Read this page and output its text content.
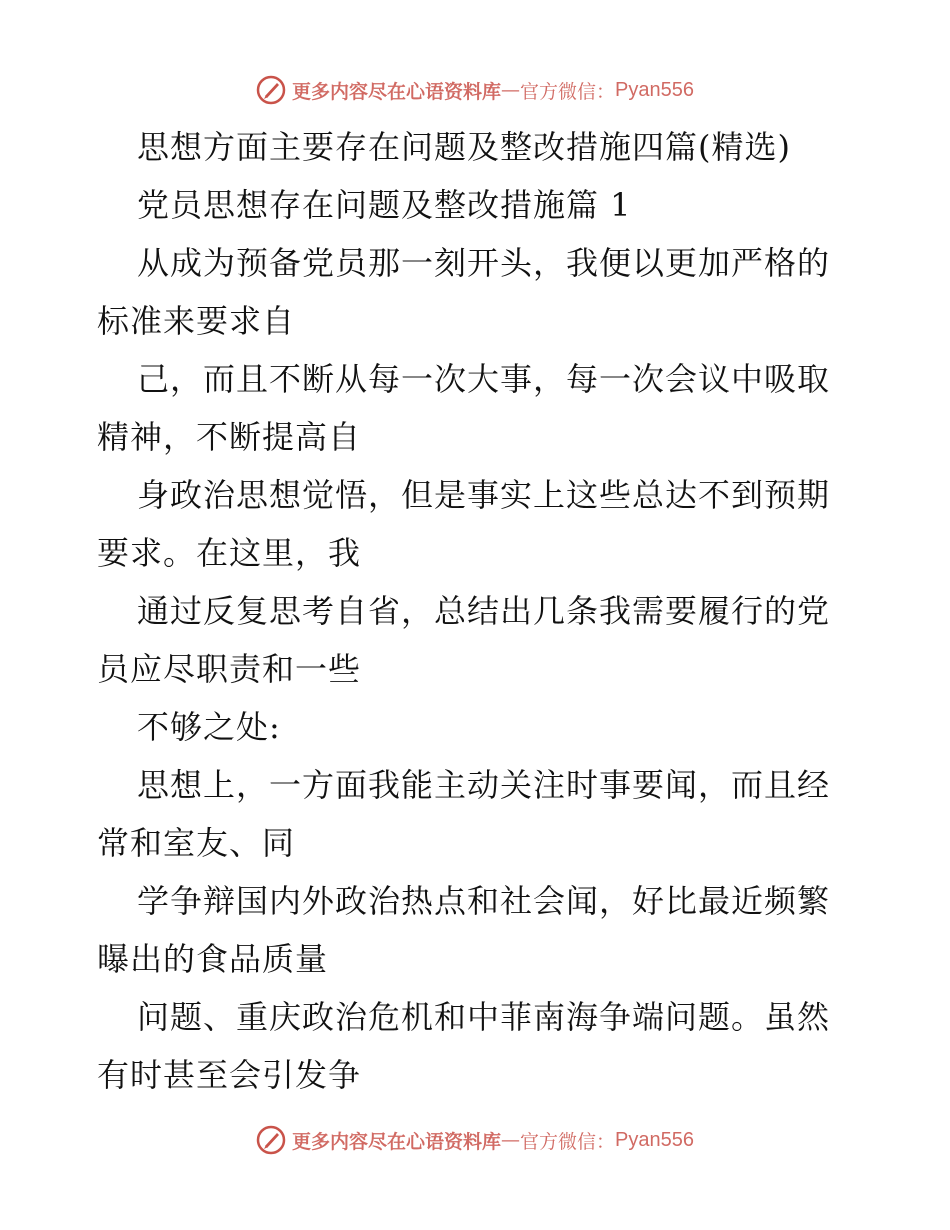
更多内容尽在心语资料库 — 官方微信： Pyan556
思想方面主要存在问题及整改措施四篇(精选)
党员思想存在问题及整改措施篇 1
从成为预备党员那一刻开头，我便以更加严格的
标准来要求自
己，而且不断从每一次大事，每一次会议中吸取
精神，不断提高自
身政治思想觉悟，但是事实上这些总达不到预期
要求。在这里，我
通过反复思考自省，总结出几条我需要履行的党
员应尽职责和一些
不够之处:
思想上，一方面我能主动关注时事要闻，而且经
常和室友、同
学争辩国内外政治热点和社会闻，好比最近频繁
曝出的食品质量
问题、重庆政治危机和中菲南海争端问题。虽然
有时甚至会引发争
更多内容尽在心语资料库 — 官方微信： Pyan556
